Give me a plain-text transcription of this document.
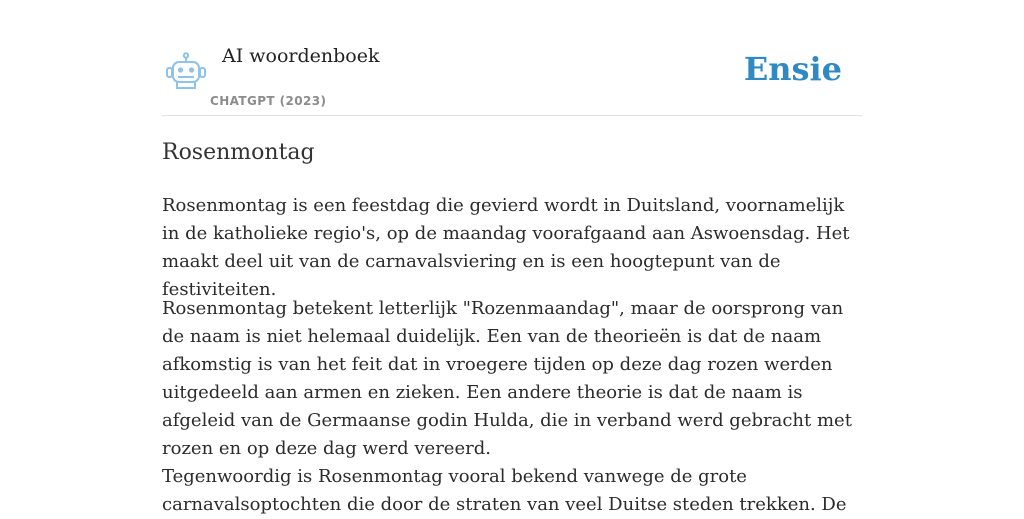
AI woordenboek
CHATGPT (2023)
Ensie
Rosenmontag

Rosenmontag is een feestdag die gevierd wordt in Duitsland, voornamelijk in de katholieke regio's, op de maandag voorafgaand aan Aswoensdag. Het maakt deel uit van de carnavalsviering en is een hoogtepunt van de festiviteiten.

Rosenmontag betekent letterlijk "Rozenmaandag", maar de oorsprong van de naam is niet helemaal duidelijk. Een van de theorieën is dat de naam afkomstig is van het feit dat in vroegere tijden op deze dag rozen werden uitgedeeld aan armen en zieken. Een andere theorie is dat de naam is afgeleid van de Germaanse godin Hulda, die in verband werd gebracht met rozen en op deze dag werd vereerd.

Tegenwoordig is Rosenmontag vooral bekend vanwege de grote carnavalsoptochten die door de straten van veel Duitse steden trekken. De
